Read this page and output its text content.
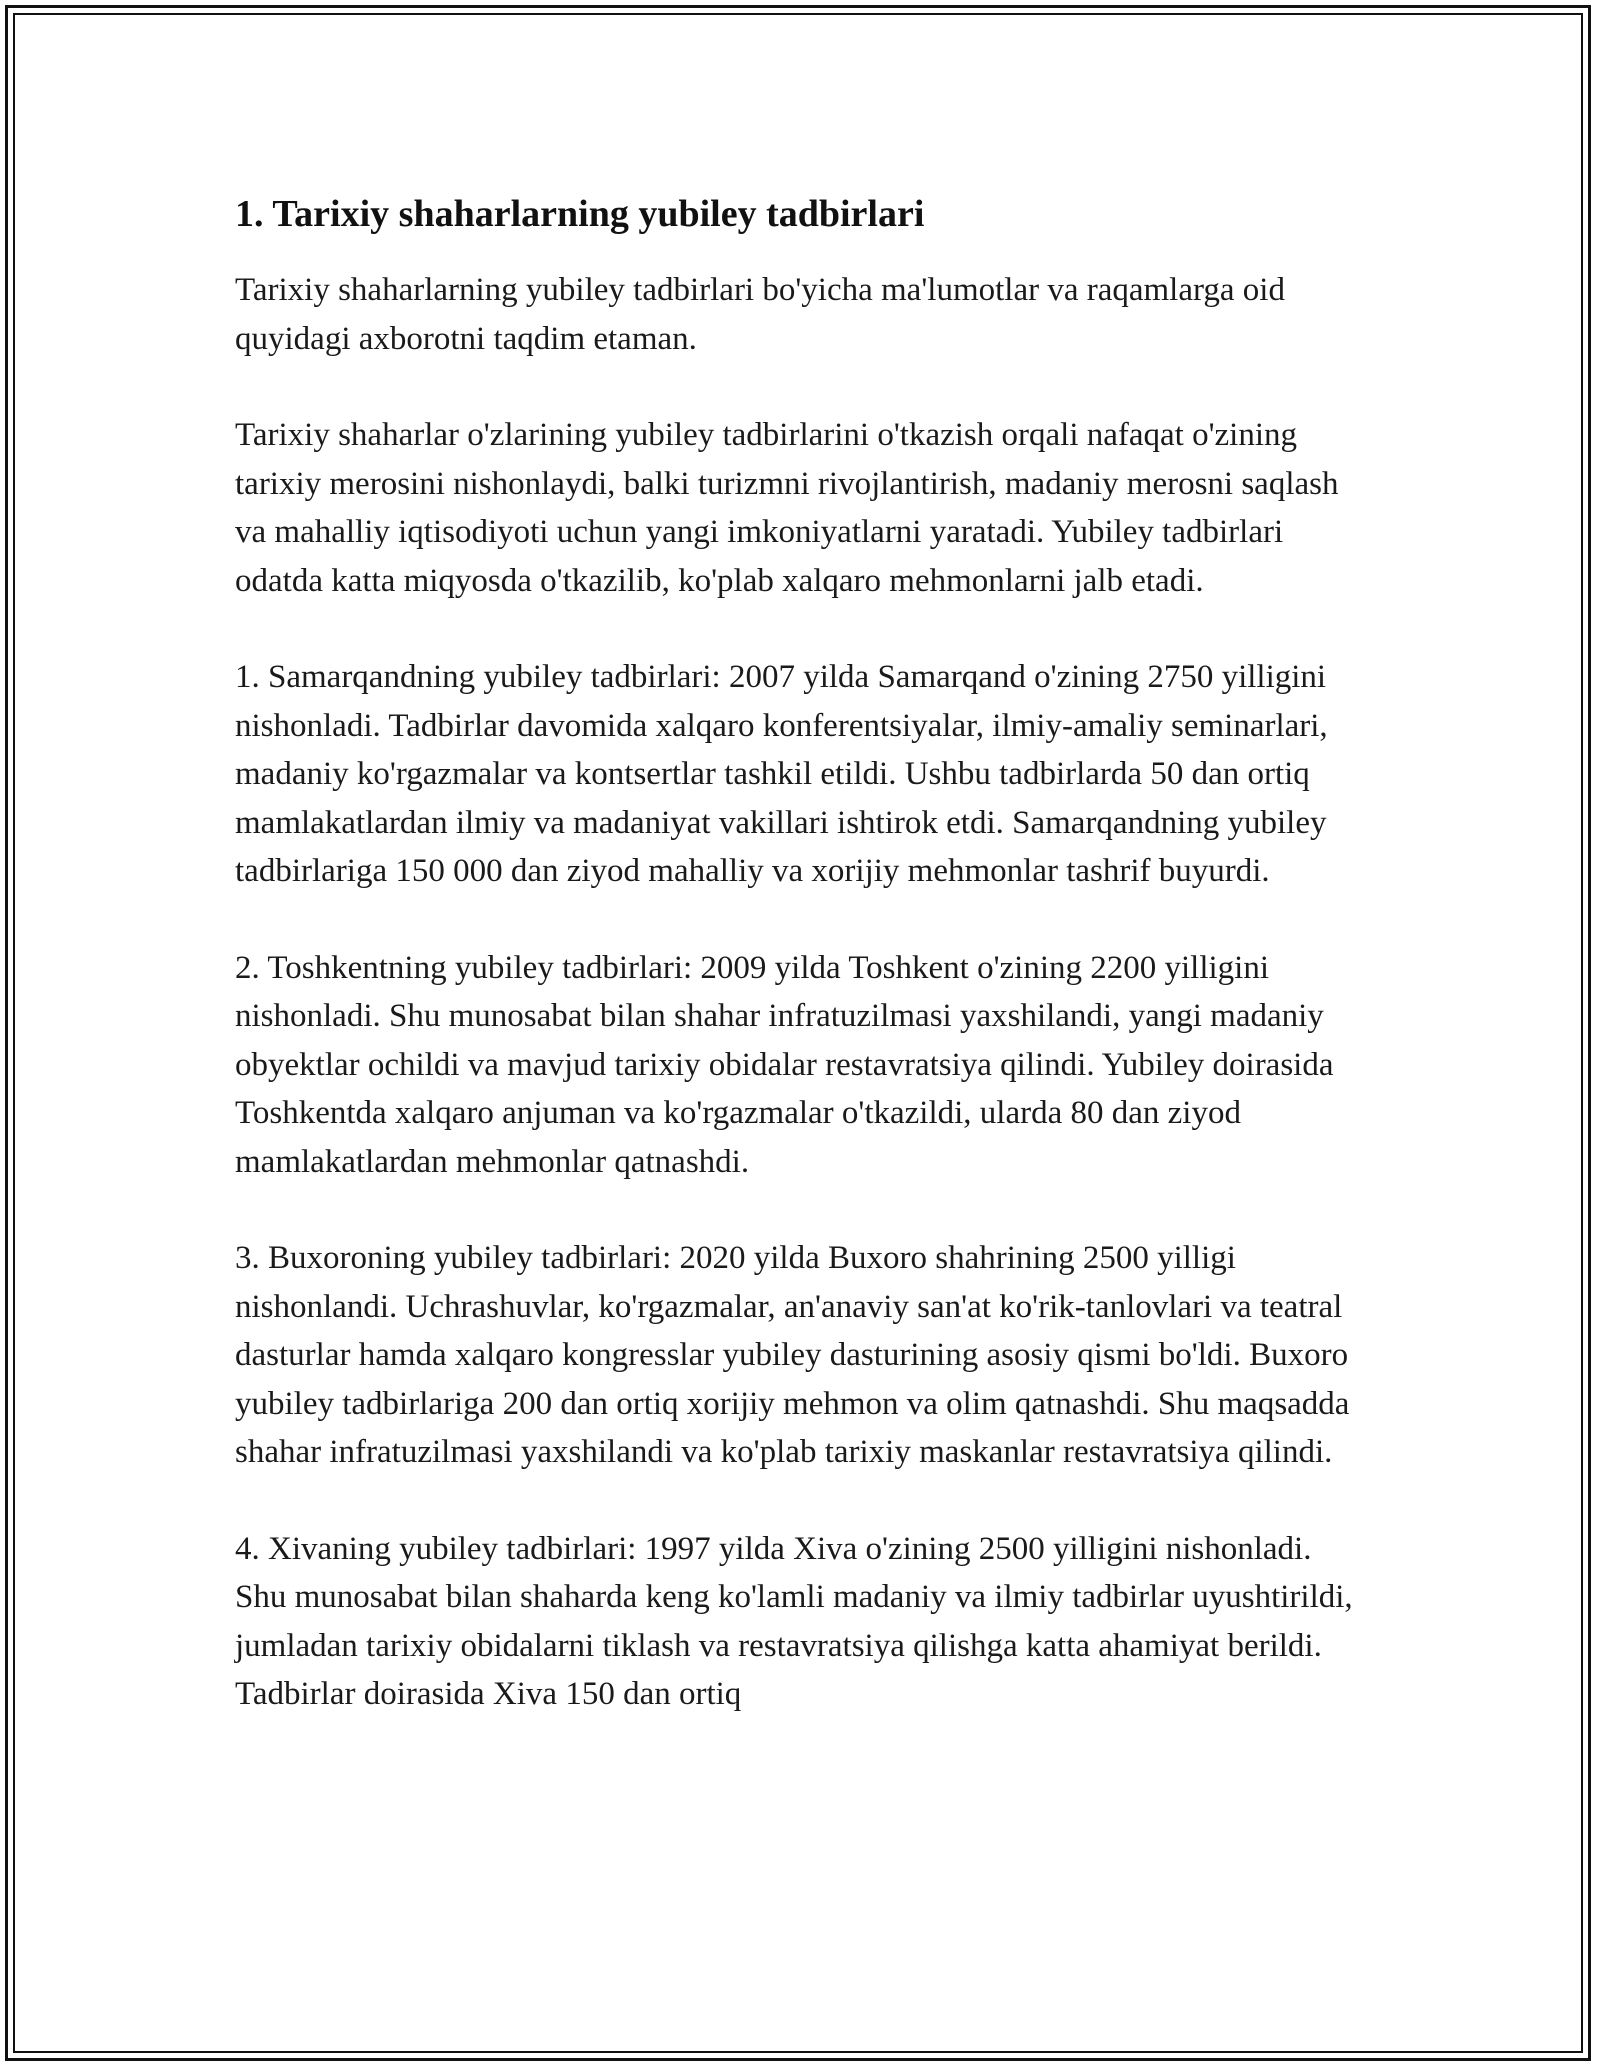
1. Tarixiy shaharlarning yubiley tadbirlari

Tarixiy shaharlarning yubiley tadbirlari bo'yicha ma'lumotlar va raqamlarga oid quyidagi axborotni taqdim etaman.

Tarixiy shaharlar o'zlarining yubiley tadbirlarini o'tkazish orqali nafaqat o'zining tarixiy merosini nishonlaydi, balki turizmni rivojlantirish, madaniy merosni saqlash va mahalliy iqtisodiyoti uchun yangi imkoniyatlarni yaratadi. Yubiley tadbirlari odatda katta miqyosda o'tkazilib, ko'plab xalqaro mehmonlarni jalb etadi.

1. Samarqandning yubiley tadbirlari: 2007 yilda Samarqand o'zining 2750 yilligini nishonladi. Tadbirlar davomida xalqaro konferentsiyalar, ilmiy-amaliy seminarlari, madaniy ko'rgazmalar va kontsertlar tashkil etildi. Ushbu tadbirlarda 50 dan ortiq mamlakatlardan ilmiy va madaniyat vakillari ishtirok etdi. Samarqandning yubiley tadbirlariga 150 000 dan ziyod mahalliy va xorijiy mehmonlar tashrif buyurdi.

2. Toshkentning yubiley tadbirlari: 2009 yilda Toshkent o'zining 2200 yilligini nishonladi. Shu munosabat bilan shahar infratuzilmasi yaxshilandi, yangi madaniy obyektlar ochildi va mavjud tarixiy obidalar restavratsiya qilindi. Yubiley doirasida Toshkentda xalqaro anjuman va ko'rgazmalar o'tkazildi, ularda 80 dan ziyod mamlakatlardan mehmonlar qatnashdi.

3. Buxoroning yubiley tadbirlari: 2020 yilda Buxoro shahrining 2500 yilligi nishonlandi. Uchrashuvlar, ko'rgazmalar, an'anaviy san'at ko'rik-tanlovlari va teatral dasturlar hamda xalqaro kongresslar yubiley dasturining asosiy qismi bo'ldi. Buxoro yubiley tadbirlariga 200 dan ortiq xorijiy mehmon va olim qatnashdi. Shu maqsadda shahar infratuzilmasi yaxshilandi va ko'plab tarixiy maskanlar restavratsiya qilindi.

4. Xivaning yubiley tadbirlari: 1997 yilda Xiva o'zining 2500 yilligini nishonladi. Shu munosabat bilan shaharda keng ko'lamli madaniy va ilmiy tadbirlar uyushtirildi, jumladan tarixiy obidalarni tiklash va restavratsiya qilishga katta ahamiyat berildi. Tadbirlar doirasida Xiva 150 dan ortiq
